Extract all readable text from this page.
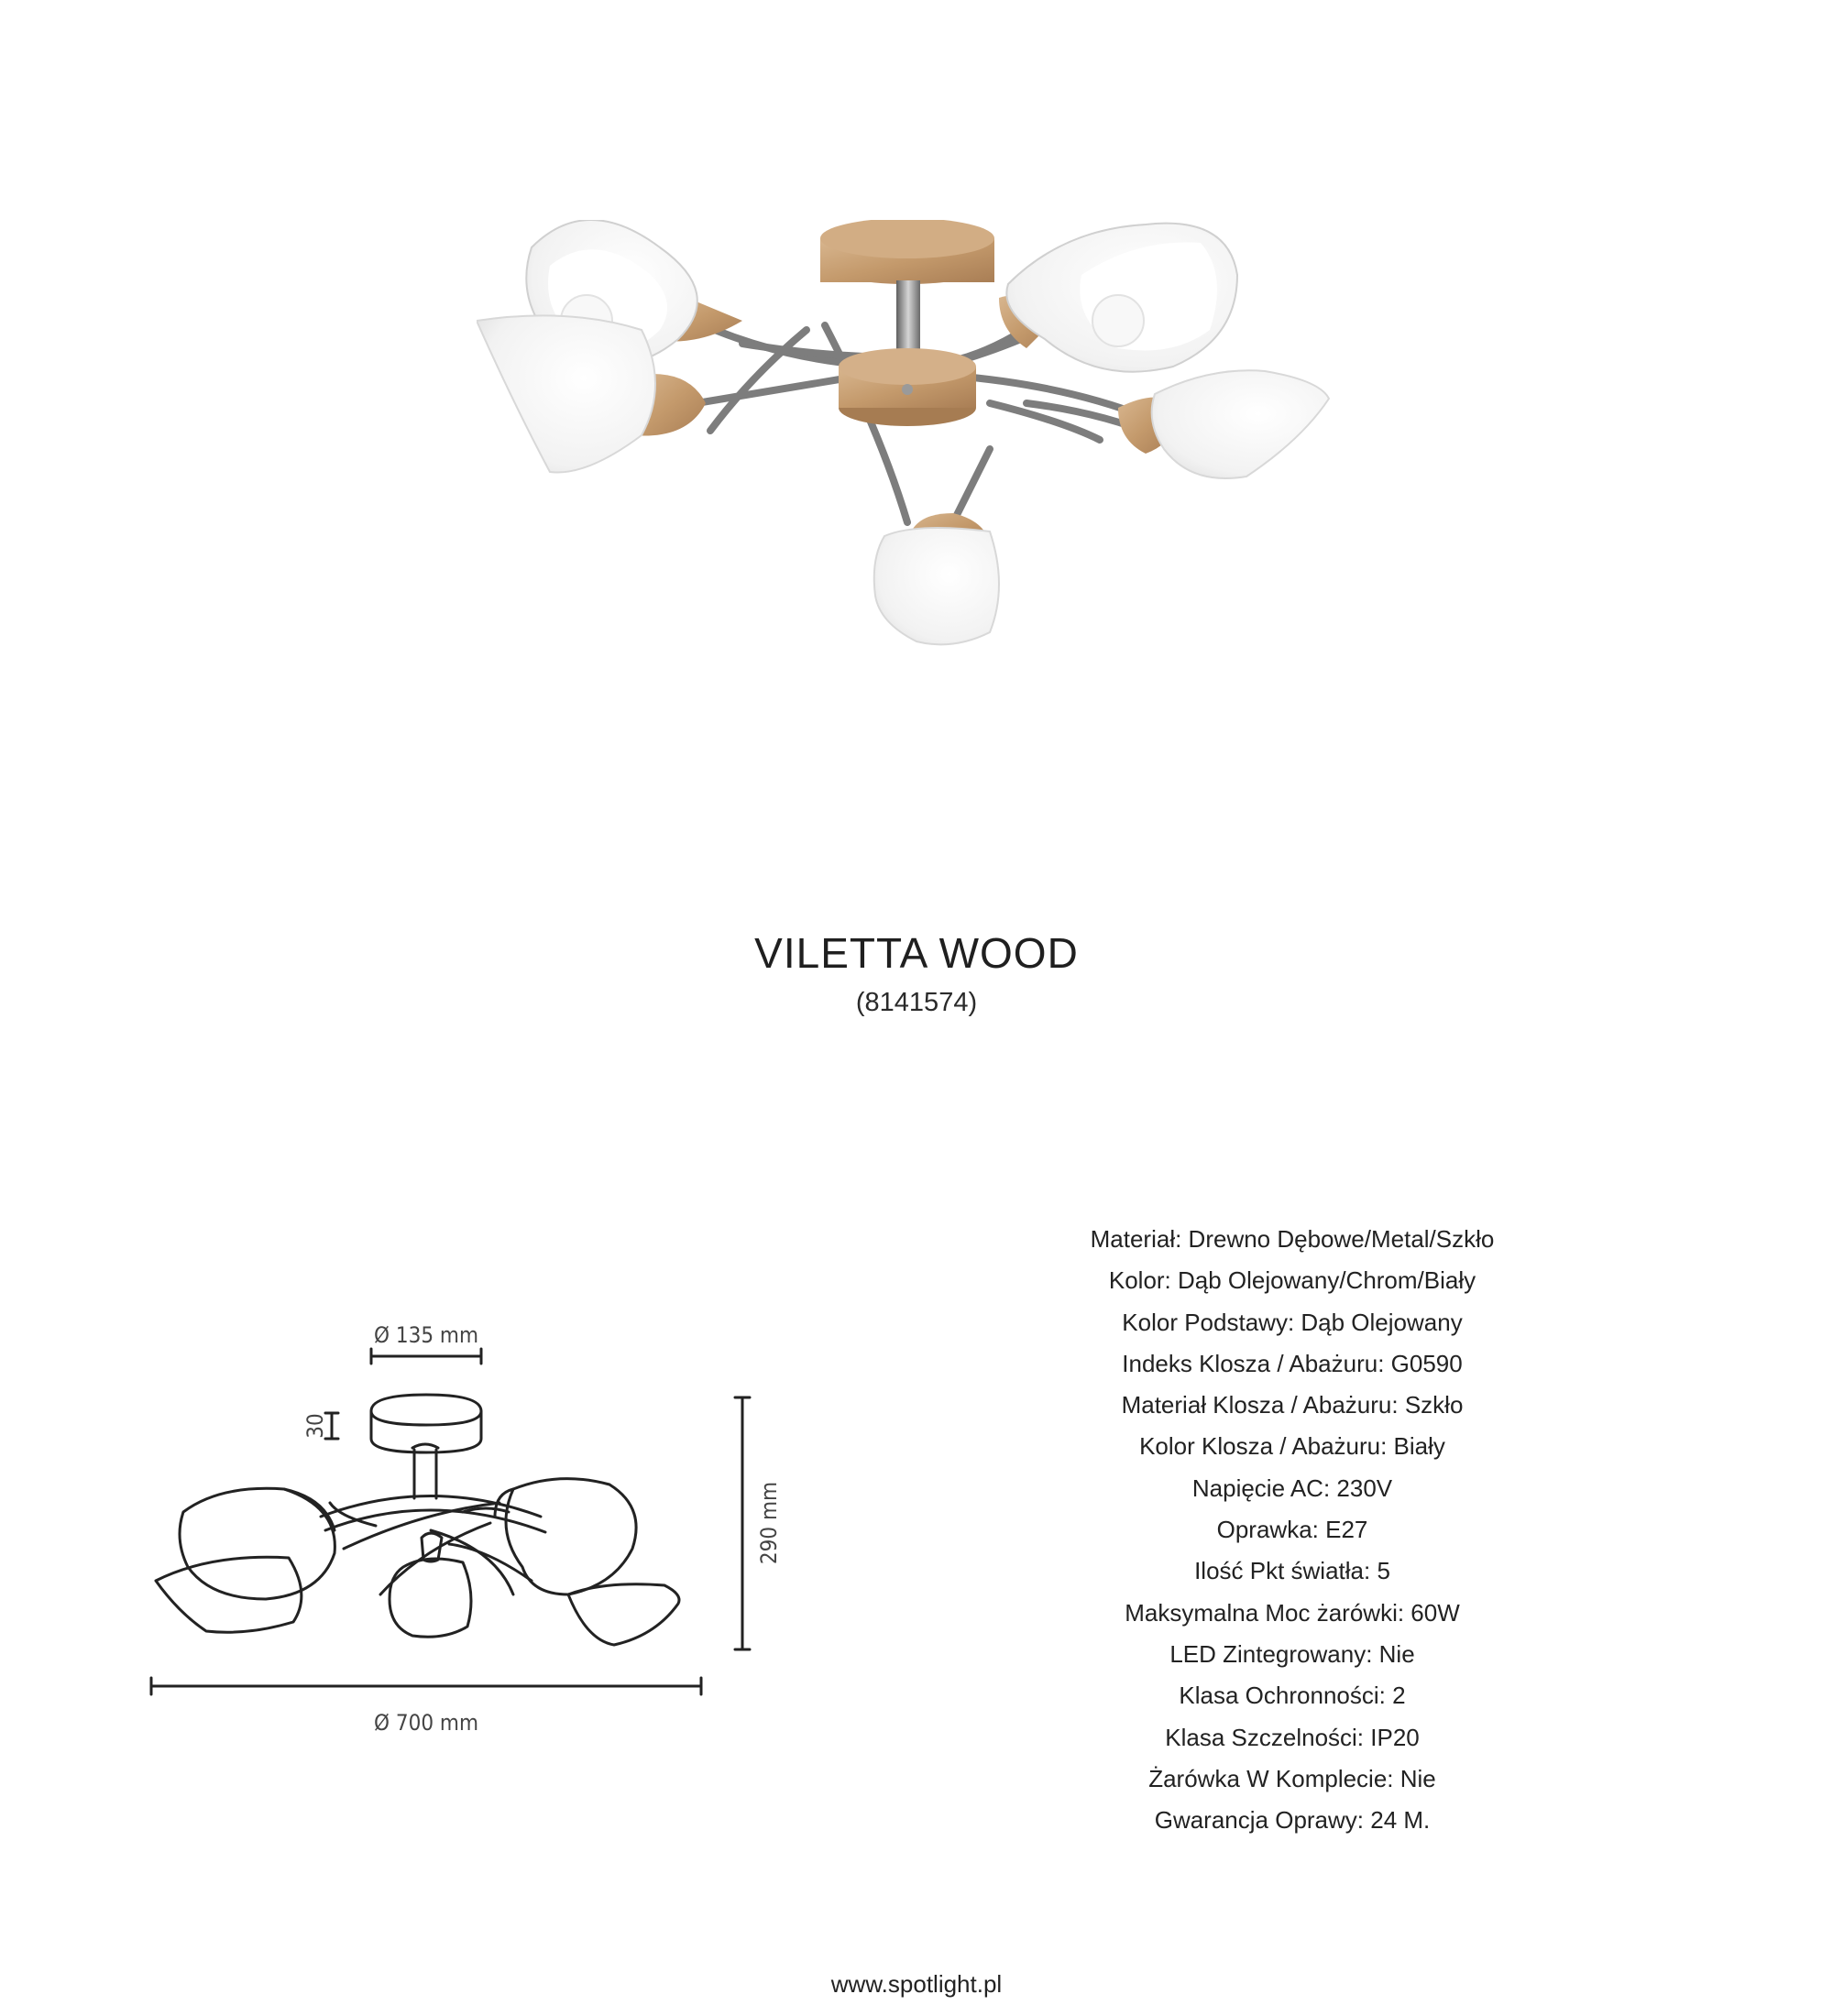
VILETTA WOOD
(8141574)
Ø 135 mm
30
290 mm
Ø 700 mm
Materiał: Drewno Dębowe/Metal/Szkło
Kolor: Dąb Olejowany/Chrom/Biały
Kolor Podstawy: Dąb Olejowany
Indeks Klosza / Abażuru: G0590
Materiał Klosza / Abażuru: Szkło
Kolor Klosza / Abażuru: Biały
Napięcie AC: 230V
Oprawka: E27
Ilość Pkt światła: 5
Maksymalna Moc żarówki: 60W
LED Zintegrowany: Nie
Klasa Ochronności: 2
Klasa Szczelności: IP20
Żarówka W Komplecie: Nie
Gwarancja Oprawy: 24 M.
www.spotlight.pl
